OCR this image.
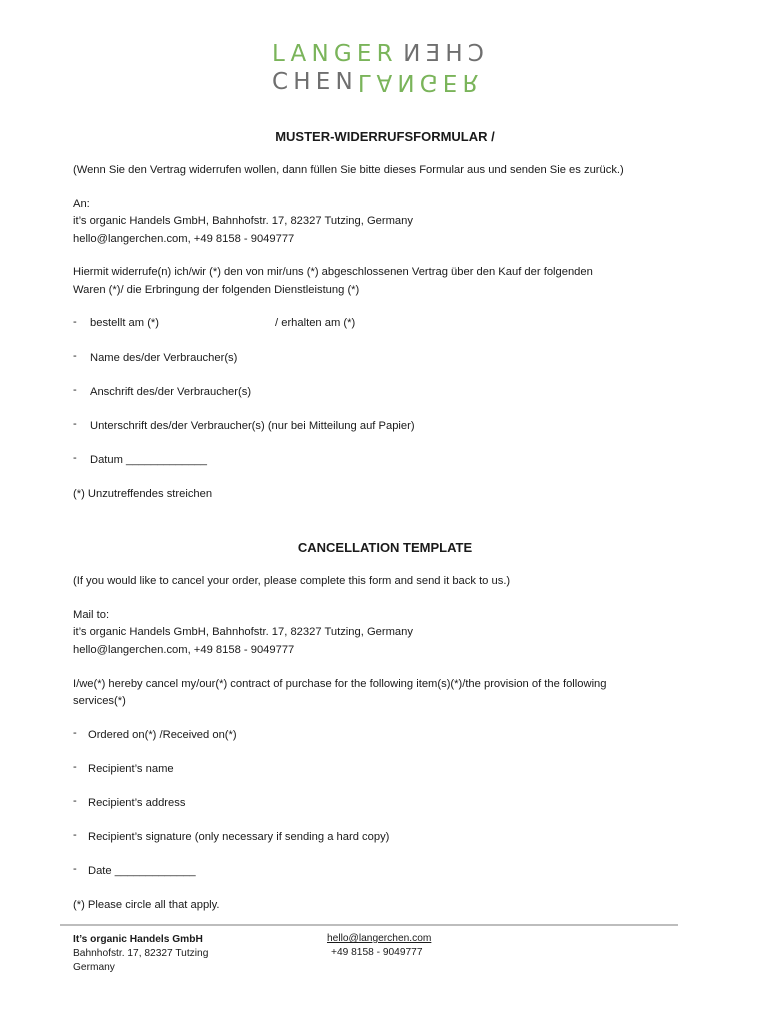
LANGERCHEN
CHENLANGER
MUSTER-WIDERRUFSFORMULAR /
(Wenn Sie den Vertrag widerrufen wollen, dann füllen Sie bitte dieses Formular aus und senden Sie es zurück.)
An:
it’s organic Handels GmbH, Bahnhofstr. 17, 82327 Tutzing, Germany
hello@langerchen.com, +49 8158 - 9049777
Hiermit widerrufe(n) ich/wir (*) den von mir/uns (*) abgeschlossenen Vertrag über den Kauf der folgenden
Waren (*)/ die Erbringung der folgenden Dienstleistung (*)
- bestellt am (*)	/ erhalten am (*)
- Name des/der Verbraucher(s)
- Anschrift des/der Verbraucher(s)
- Unterschrift des/der Verbraucher(s) (nur bei Mitteilung auf Papier)
- Datum _____________
(*) Unzutreffendes streichen
CANCELLATION TEMPLATE
(If you would like to cancel your order, please complete this form and send it back to us.)
Mail to:
it’s organic Handels GmbH, Bahnhofstr. 17, 82327 Tutzing, Germany
hello@langerchen.com, +49 8158 - 9049777
I/we(*) hereby cancel my/our(*) contract of purchase for the following item(s)(*)/the provision of the following
services(*)
- Ordered on(*) /Received on(*)
- Recipient’s name
- Recipient’s address
- Recipient’s signature (only necessary if sending a hard copy)
- Date _____________
(*) Please circle all that apply.
It’s organic Handels GmbH
Bahnhofstr. 17, 82327 Tutzing
Germany
hello@langerchen.com
+49 8158 - 9049777
